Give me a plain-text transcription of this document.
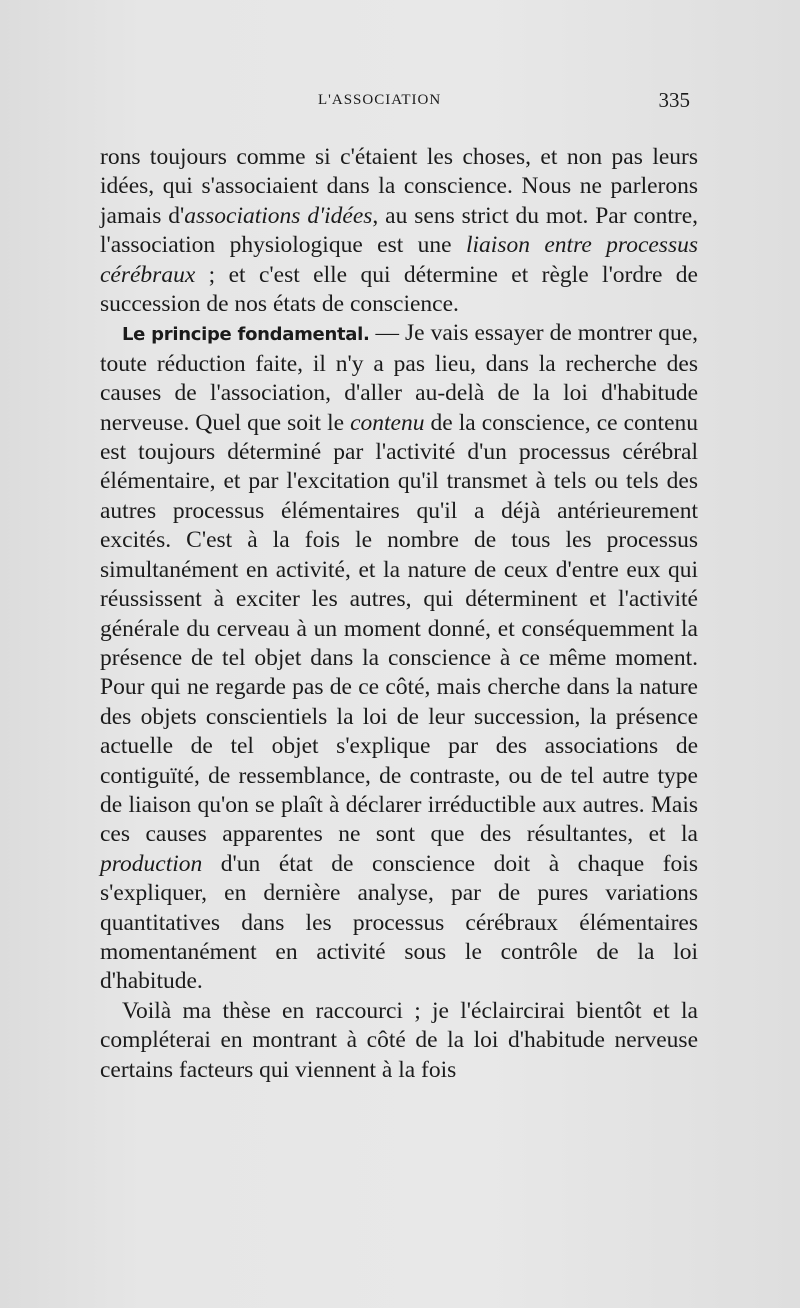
L'ASSOCIATION	335

rons toujours comme si c'étaient les choses, et non pas leurs idées, qui s'associaient dans la conscience. Nous ne parlerons jamais d'associations d'idées, au sens strict du mot. Par contre, l'association physiologique est une liaison entre processus cérébraux ; et c'est elle qui détermine et règle l'ordre de succession de nos états de conscience.

Le principe fondamental. — Je vais essayer de montrer que, toute réduction faite, il n'y a pas lieu, dans la recherche des causes de l'association, d'aller au-delà de la loi d'habitude nerveuse. Quel que soit le contenu de la conscience, ce contenu est toujours déterminé par l'activité d'un processus cérébral élémentaire, et par l'excitation qu'il transmet à tels ou tels des autres processus élémentaires qu'il a déjà antérieurement excités. C'est à la fois le nombre de tous les processus simultanément en activité, et la nature de ceux d'entre eux qui réussissent à exciter les autres, qui déterminent et l'activité générale du cerveau à un moment donné, et conséquemment la présence de tel objet dans la conscience à ce même moment. Pour qui ne regarde pas de ce côté, mais cherche dans la nature des objets conscientiels la loi de leur succession, la présence actuelle de tel objet s'explique par des associations de contiguïté, de ressemblance, de contraste, ou de tel autre type de liaison qu'on se plaît à déclarer irréductible aux autres. Mais ces causes apparentes ne sont que des résultantes, et la production d'un état de conscience doit à chaque fois s'expliquer, en dernière analyse, par de pures variations quantitatives dans les processus cérébraux élémentaires momentanément en activité sous le contrôle de la loi d'habitude.

Voilà ma thèse en raccourci ; je l'éclaircirai bientôt et la compléterai en montrant à côté de la loi d'habitude nerveuse certains facteurs qui viennent à la fois
